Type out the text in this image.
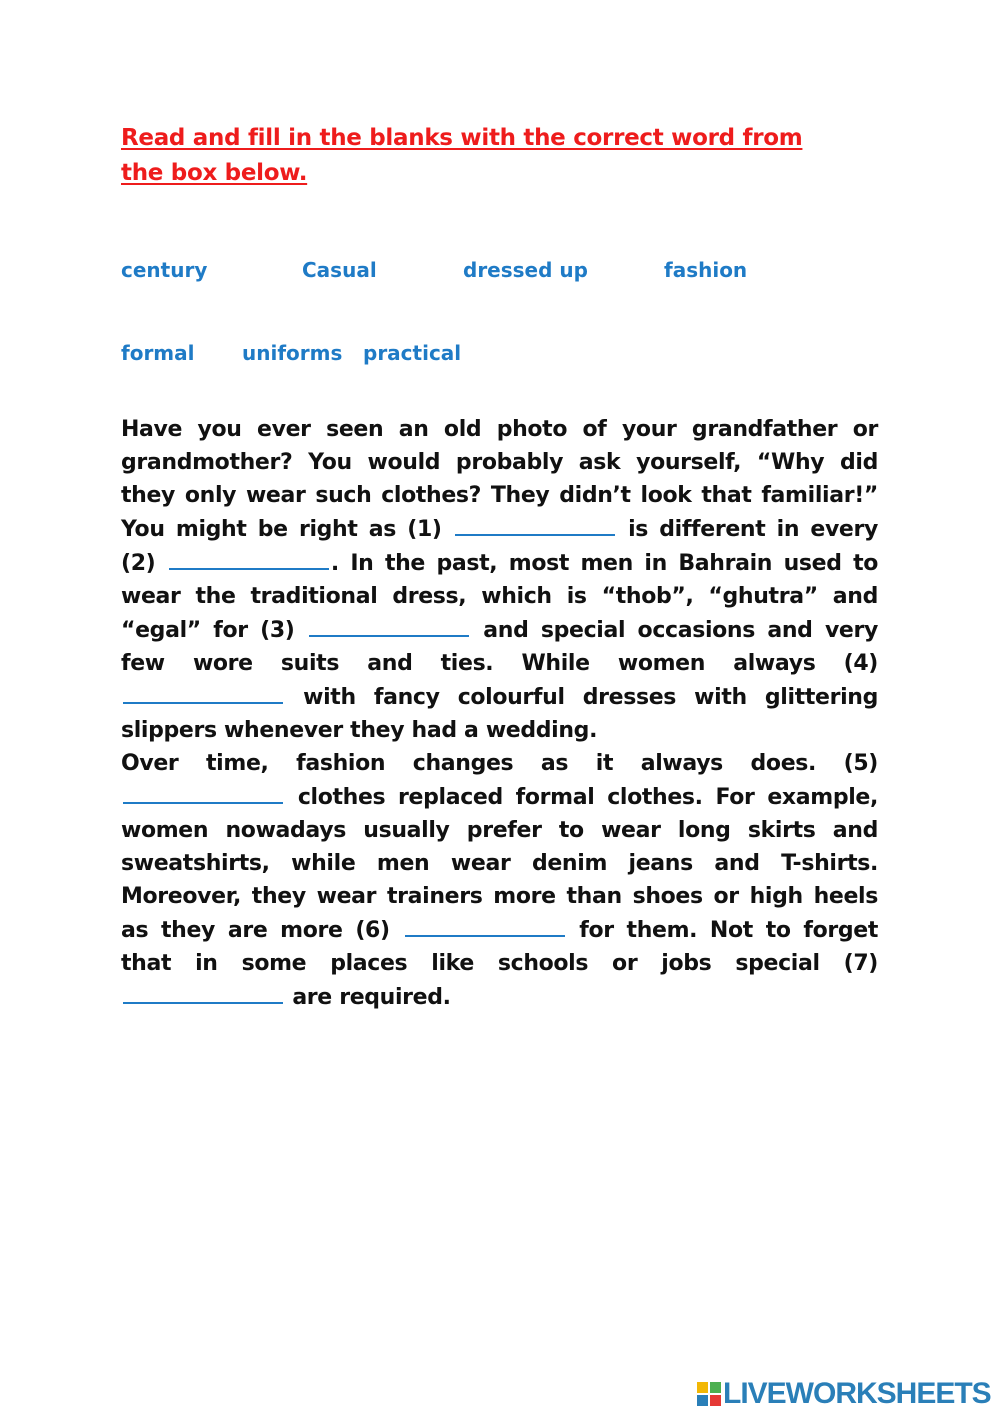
Read and fill in the blanks with the correct word from the box below.
century	Casual	dressed up	fashion
formal uniforms practical

Have you ever seen an old photo of your grandfather or grandmother? You would probably ask yourself, “Why did they only wear such clothes? They didn’t look that familiar!” You might be right as (1)	is different in every (2)	. In the past, most men in Bahrain used to wear the traditional dress, which is “thob”, “ghutra” and “egal” for (3)	and special occasions and very few wore suits and ties. While women always (4)  with fancy colourful dresses with glittering slippers whenever they had a wedding.

Over time, fashion changes as it always does. (5)  clothes replaced formal clothes. For example, women nowadays usually prefer to wear long skirts and sweatshirts, while men wear denim jeans and T-shirts. Moreover, they wear trainers more than shoes or high heels as they are more (6)	for them. Not to forget that in some places like schools or jobs special (7)  are required.

LIVEWORKSHEETS
